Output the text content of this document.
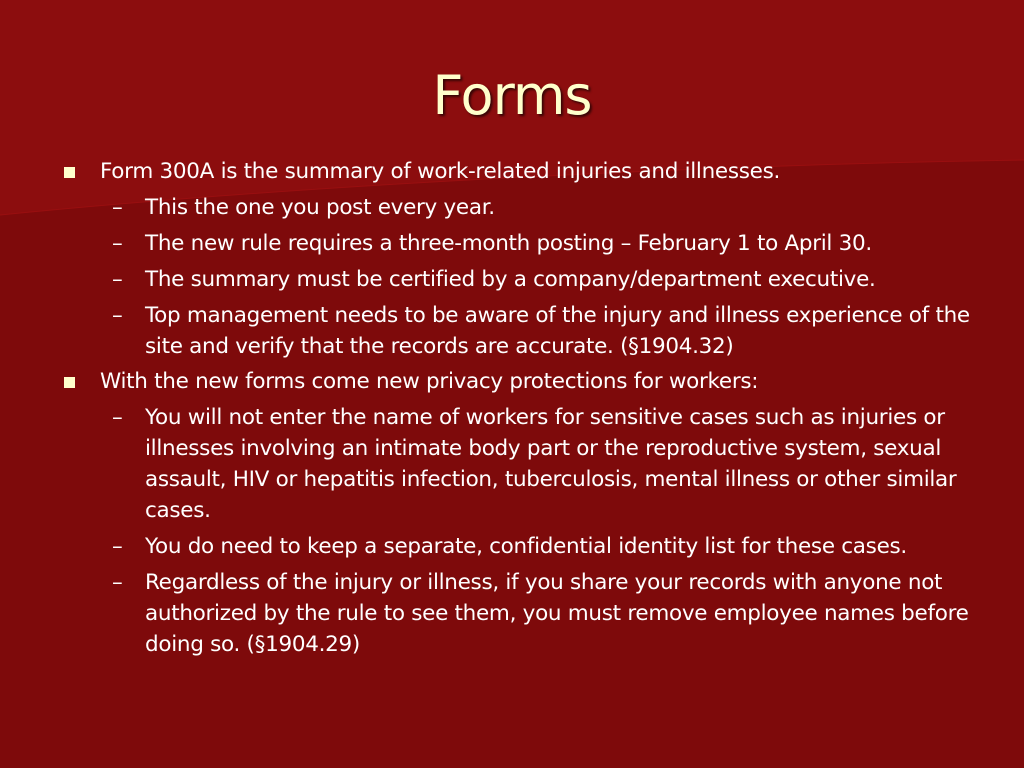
Forms
Form 300A is the summary of work-related injuries and illnesses.
– This the one you post every year.
– The new rule requires a three-month posting – February 1 to April 30.
– The summary must be certified by a company/department executive.
– Top management needs to be aware of the injury and illness experience of the site and verify that the records are accurate. (§1904.32)
With the new forms come new privacy protections for workers:
– You will not enter the name of workers for sensitive cases such as injuries or illnesses involving an intimate body part or the reproductive system, sexual assault, HIV or hepatitis infection, tuberculosis, mental illness or other similar cases.
– You do need to keep a separate, confidential identity list for these cases.
– Regardless of the injury or illness, if you share your records with anyone not authorized by the rule to see them, you must remove employee names before doing so. (§1904.29)
